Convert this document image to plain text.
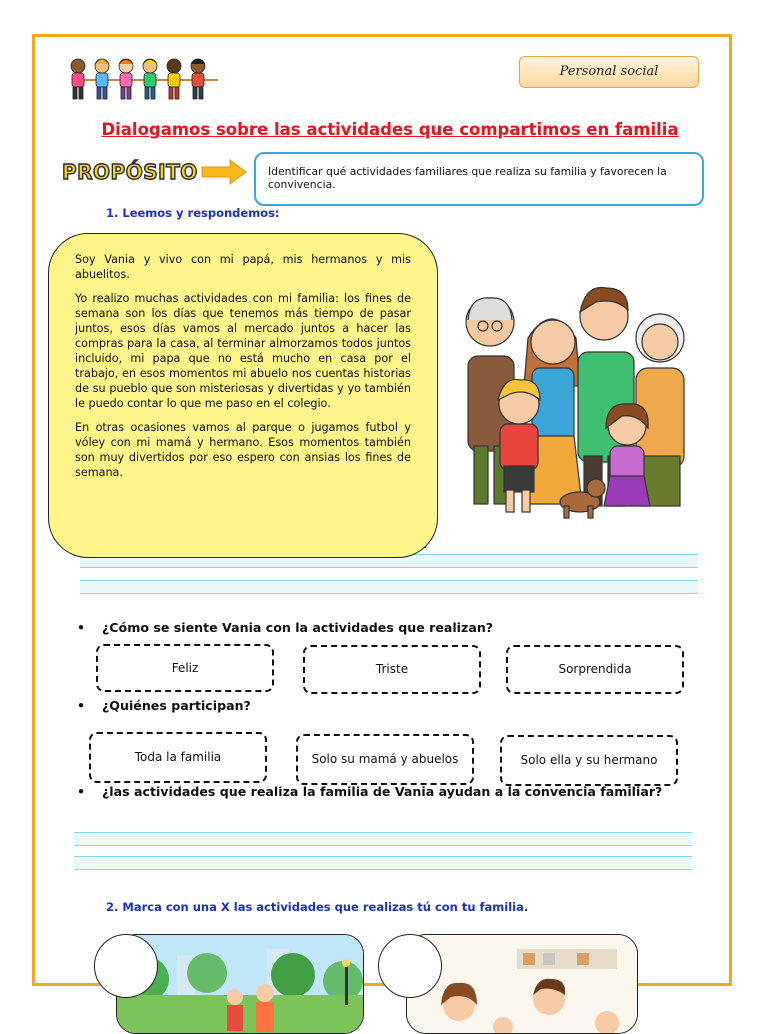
Personal social
Dialogamos sobre las actividades que compartimos en familia
PROPÓSITO	Identificar qué actividades familiares que realiza su familia y favorecen la convivencia.
1. Leemos y respondemos:

Soy Vania y vivo con mi papá, mis hermanos y mis abuelitos.

Yo realizo muchas actividades con mi familia: los fines de semana son los días que tenemos más tiempo de pasar juntos, esos días vamos al mercado juntos a hacer las compras para la casa, al terminar almorzamos todos juntos incluido, mi papa que no está mucho en casa por el trabajo, en esos momentos mi abuelo nos cuentas historias de su pueblo que son misteriosas y divertidas y yo también le puedo contar lo que me paso en el colegio.

En otras ocasiones vamos al parque o jugamos futbol y vóley con mi mamá y hermano. Esos momentos también son muy divertidos por eso espero con ansias los fines de semana.

• ¿Cómo se siente Vania con la actividades que realizan?
Feliz	Triste	Sorprendida
• ¿Quiénes participan?
Toda la familia	Solo su mamá y abuelos	Solo ella y su hermano
• ¿las actividades que realiza la familia de Vania ayudan a la convencia familiar?
2. Marca con una X las actividades que realizas tú con tu familia.
